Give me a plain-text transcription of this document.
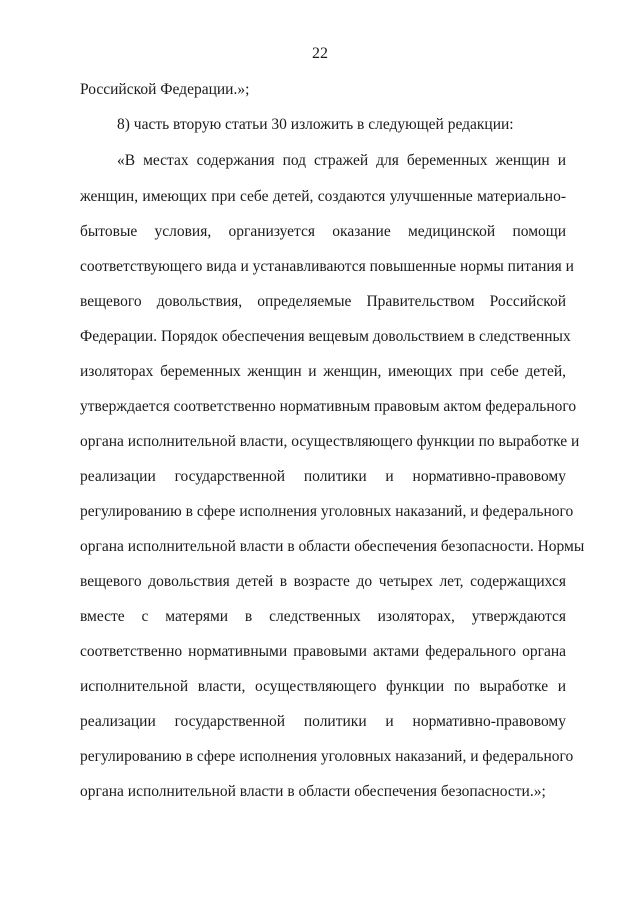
22

Российской Федерации.»;

8) часть вторую статьи 30 изложить в следующей редакции:

«В местах содержания под стражей для беременных женщин и

женщин, имеющих при себе детей, создаются улучшенные материально-

бытовые условия, организуется оказание медицинской помощи

соответствующего вида и устанавливаются повышенные нормы питания и

вещевого довольствия, определяемые Правительством Российской

Федерации. Порядок обеспечения вещевым довольствием в следственных

изоляторах беременных женщин и женщин, имеющих при себе детей,

утверждается соответственно нормативным правовым актом федерального

органа исполнительной власти, осуществляющего функции по выработке и

реализации государственной политики и нормативно-правовому

регулированию в сфере исполнения уголовных наказаний, и федерального

органа исполнительной власти в области обеспечения безопасности. Нормы

вещевого довольствия детей в возрасте до четырех лет, содержащихся

вместе с матерями в следственных изоляторах, утверждаются

соответственно нормативными правовыми актами федерального органа

исполнительной власти, осуществляющего функции по выработке и

реализации государственной политики и нормативно-правовому

регулированию в сфере исполнения уголовных наказаний, и федерального

органа исполнительной власти в области обеспечения безопасности.»;
